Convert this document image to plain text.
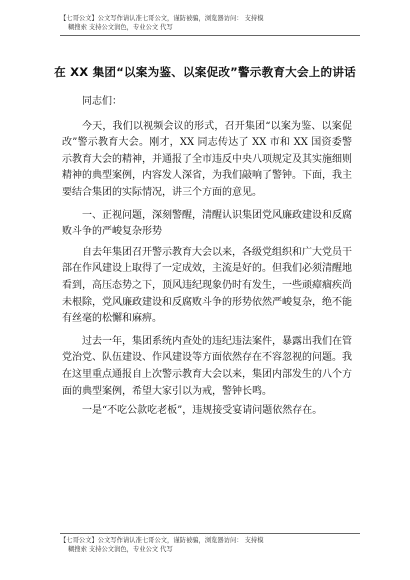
【七哥公文】公文写作请认准七哥公文，谨防被骗，浏览器访问： 支持模
糊搜索 支持公文润色，专业公文 代写
在 XX 集团“以案为鉴、以案促改”警示教育大会上的讲话

同志们：

今天，我们以视频会议的形式，召开集团“以案为鉴、以案促改”警示教育大会。刚才，XX 同志传达了 XX 市和 XX 国资委警示教育大会的精神，并通报了全市违反中央八项规定及其实施细则精神的典型案例，内容发人深省，为我们敲响了警钟。下面，我主要结合集团的实际情况，讲三个方面的意见。

一、正视问题，深刻警醒，清醒认识集团党风廉政建设和反腐败斗争的严峻复杂形势

自去年集团召开警示教育大会以来，各级党组织和广大党员干部在作风建设上取得了一定成效，主流是好的。但我们必须清醒地看到，高压态势之下，顶风违纪现象仍时有发生，一些顽瘴痼疾尚未根除，党风廉政建设和反腐败斗争的形势依然严峻复杂，绝不能有丝毫的松懈和麻痹。

过去一年，集团系统内查处的违纪违法案件，暴露出我们在管党治党、队伍建设、作风建设等方面依然存在不容忽视的问题。我在这里重点通报自上次警示教育大会以来，集团内部发生的八个方面的典型案例，希望大家引以为戒，警钟长鸣。

一是“不吃公款吃老板”，违规接受宴请问题依然存在。

【七哥公文】公文写作请认准七哥公文，谨防被骗，浏览器访问： 支持模
糊搜索 支持公文润色，专业公文 代写
